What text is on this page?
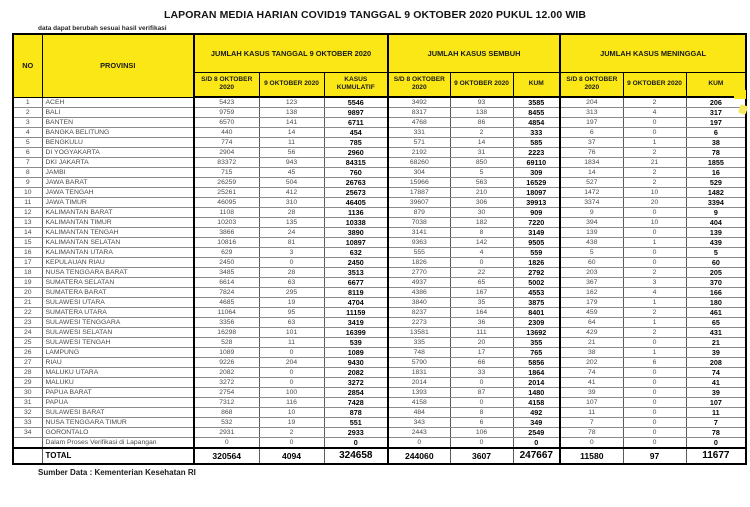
LAPORAN MEDIA HARIAN COVID19 TANGGAL 9 OKTOBER 2020 PUKUL 12.00 WIB
data dapat berubah sesuai hasil verifikasi
NO	PROVINSI	JUMLAH KASUS TANGGAL 9 OKTOBER 2020			JUMLAH KASUS SEMBUH			JUMLAH KASUS MENINGGAL		
		S/D 8 OKTOBER 2020	9 OKTOBER 2020	KASUS KUMULATIF	S/D 8 OKTOBER 2020	9 OKTOBER 2020	KUM	S/D 8 OKTOBER 2020	9 OKTOBER 2020	KUM
1	ACEH	5423	123	5546	3492	93	3585	204	2	206
2	BALI	9759	138	9897	8317	138	8455	313	4	317
3	BANTEN	6570	141	6711	4768	86	4854	197	0	197
4	BANGKA BELITUNG	440	14	454	331	2	333	6	0	6
5	BENGKULU	774	11	785	571	14	585	37	1	38
6	DI YOGYAKARTA	2904	56	2960	2192	31	2223	76	2	78
7	DKI JAKARTA	83372	943	84315	68260	850	69110	1834	21	1855
8	JAMBI	715	45	760	304	5	309	14	2	16
9	JAWA BARAT	26259	504	26763	15966	563	16529	527	2	529
10	JAWA TENGAH	25261	412	25673	17887	210	18097	1472	10	1482
11	JAWA TIMUR	46095	310	46405	39607	306	39913	3374	20	3394
12	KALIMANTAN BARAT	1108	28	1136	879	30	909	9	0	9
13	KALIMANTAN TIMUR	10203	135	10338	7038	182	7220	394	10	404
14	KALIMANTAN TENGAH	3866	24	3890	3141	8	3149	139	0	139
15	KALIMANTAN SELATAN	10816	81	10897	9363	142	9505	438	1	439
16	KALIMANTAN UTARA	629	3	632	555	4	559	5	0	5
17	KEPULAUAN RIAU	2450	0	2450	1826	0	1826	60	0	60
18	NUSA TENGGARA BARAT	3485	28	3513	2770	22	2792	203	2	205
19	SUMATERA SELATAN	6614	63	6677	4937	65	5002	367	3	370
20	SUMATERA BARAT	7824	295	8119	4386	167	4553	162	4	166
21	SULAWESI UTARA	4685	19	4704	3840	35	3875	179	1	180
22	SUMATERA UTARA	11064	95	11159	8237	164	8401	459	2	461
23	SULAWESI TENGGARA	3356	63	3419	2273	36	2309	64	1	65
24	SULAWESI SELATAN	16298	101	16399	13581	111	13692	429	2	431
25	SULAWESI TENGAH	528	11	539	335	20	355	21	0	21
26	LAMPUNG	1089	0	1089	748	17	765	38	1	39
27	RIAU	9226	204	9430	5790	66	5856	202	6	208
28	MALUKU UTARA	2082	0	2082	1831	33	1864	74	0	74
29	MALUKU	3272	0	3272	2014	0	2014	41	0	41
30	PAPUA BARAT	2754	100	2854	1393	87	1480	39	0	39
31	PAPUA	7312	116	7428	4158	0	4158	107	0	107
32	SULAWESI BARAT	868	10	878	484	8	492	11	0	11
33	NUSA TENGGARA TIMUR	532	19	551	343	6	349	7	0	7
34	GORONTALO	2931	2	2933	2443	106	2549	78	0	78
	Dalam Proses Verifikasi di Lapangan	0	0	0	0	0	0	0	0	0
	TOTAL	320564	4094	324658	244060	3607	247667	11580	97	11677
Sumber Data : Kementerian Kesehatan RI
